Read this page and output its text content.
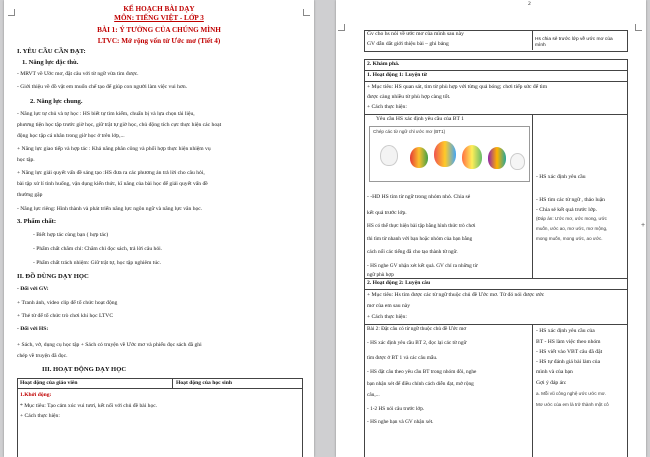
KẾ HOẠCH BÀI DẠY
MÔN: TIẾNG VIỆT - LỚP 3
BÀI 1: Ý TƯỞNG CỦA CHÚNG MÌNH
LTVC: Mở rộng vốn từ Ước mơ (Tiết 4)
I. YÊU CẦU CẦN ĐẠT:
1. Năng lực đặc thù.
- MRVT về Ước mơ, đặt câu với từ ngữ vừa tìm được.
- Giới thiệu về đồ vật em muốn chế tạo để giúp con người làm việc vui hơn.
2. Năng lực chung.
- Năng lực tự chủ và tự học : HS biết tự tìm kiếm, chuẩn bị và lựa chọn tài liệu,
phương tiện học tập trước giờ học, giữ trật tự giờ học, chủ động tích cực thực hiện các hoạt
động học tập cá nhân trong giờ học ở trên lớp,...
+ Năng lực giao tiếp và hợp tác : Khả năng phân công và phối hợp thực hiện nhiệm vụ
học tập.
+ Năng lực giải quyết vấn đề sáng tạo :HS đưa ra các phương án trả lời cho câu hỏi,
bài tập xử lí tình huống, vận dụng kiến thức, kĩ năng của bài học để giải quyết vấn đề
thường gặp
- Năng lực riêng: Hình thành và phát triển năng lực ngôn ngữ và năng lực văn học.
3. Phẩm chất:
- Biết hợp tác cùng bạn ( hợp tác)
- Phẩm chất chăm chỉ: Chăm chỉ đọc sách, trả lời câu hỏi.
- Phẩm chất trách nhiệm: Giữ trật tự, học tập nghiêm túc.
II. ĐỒ DÙNG DẠY HỌC
- Đối với GV:
+ Tranh ảnh, video clip để tổ chức hoạt động
+ Thẻ từ để tổ chức trò chơi khi học LTVC
- Đối với HS:
+ Sách, vở, dụng cụ học tập + Sách có truyện về Ước mơ và phiếu đọc sách đã ghi
chép về truyện đã đọc.
III. HOẠT ĐỘNG DẠY HỌC
Hoạt động của giáo viên	Hoạt động của học sinh
1.Khởi động:
* Mục tiêu: Tạo cảm xúc vui tươi, kết nối với chủ đề bài học.
+ Cách thực hiện:
2
Gv cho hs nói về ước mơ của mình sau này
GV dẫn dắt giới thiệu bài – ghi bảng
Hs chia sẻ trước lớp về ước mơ của mình
2. Khám phá.
1. Hoạt động 1: Luyện từ
+ Mục tiêu: HS quan sát, tìm từ phù hợp với từng quả bóng; chơi tiếp sức để tìm
được càng nhiều từ phù hợp càng tốt.
+ Cách thực hiện:
Yêu cầu HS xác định yêu cầu của BT 1
Chép các từ ngữ chỉ ước mơ (BT1)
- HS xác định yêu cầu
- -HD HS tìm từ ngữ trong nhóm nhỏ. Chia sẻ
kết quả trước lớp.
HS có thể thực hiện bài tập bằng hình thức trò chơi
thi tìm từ nhanh với bạn hoặc nhóm của bạn bằng
cách nối các tiếng đã cho tạo thành từ ngữ.
- HS nghe GV nhận xét kết quả. GV chỉ ra những từ
ngữ phù hợp
- HS tìm các từ ngữ , thảo luận
- Chia sẻ kết quả trước lớp.
(Đáp án: Ước mơ, ước mong, ước
muốn, ước ao, mơ ước, mơ mộng,
mong muốn, mong ước, ao ước.
2. Hoạt động 2: Luyện câu
+ Mục tiêu: Hs tìm được các từ ngữ thuộc chủ đề Ước mơ. Từ đó nói được ước
mơ của em sau này
+ Cách thực hiện:
Bài 2: Đặt câu có từ ngữ thuộc chủ đề Ước mơ
- HS xác định yêu cầu BT 2, đọc lại các từ ngữ
tìm được ở BT 1 và các câu mẫu.
- HS đặt câu theo yêu cầu BT trong nhóm đôi, nghe
bạn nhận xét để điều chỉnh cách diễn đạt, mở rộng
câu,...
- 1-2 HS nói câu trước lớp.
- HS nghe bạn và GV nhận xét.
- HS xác định yêu cầu của
BT - HS làm việc theo nhóm
- HS viết vào VBT câu đã đặt
- HS tự đánh giá bài làm của
mình và của bạn
Gợi ý đáp án:
a. Mỗi vũ công nghệ ước ước mơ.
Mơ ước của em là trở thành một cô
+
